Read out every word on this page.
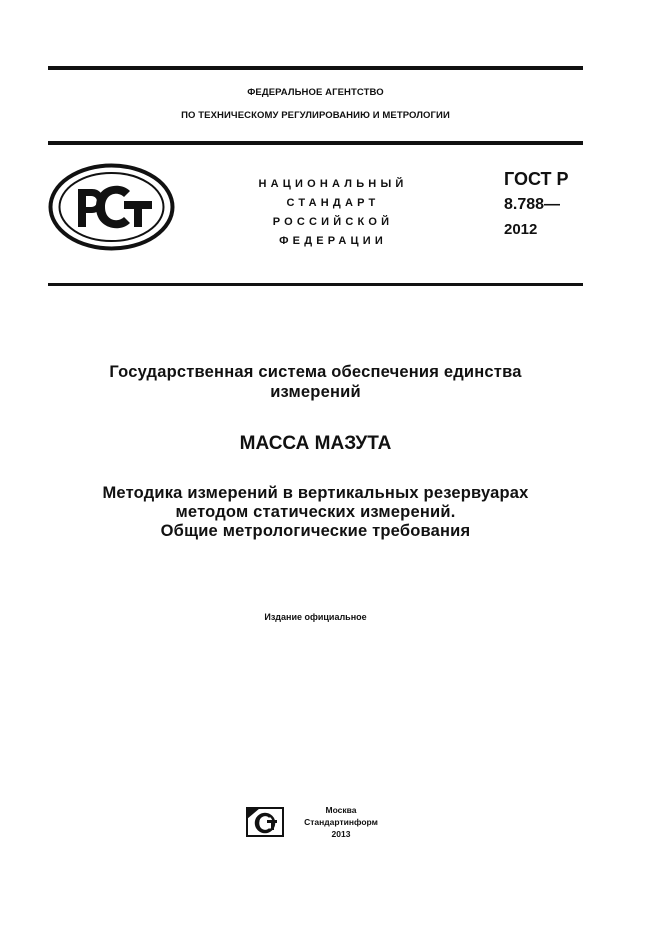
ФЕДЕРАЛЬНОЕ АГЕНТСТВО
ПО ТЕХНИЧЕСКОМУ РЕГУЛИРОВАНИЮ И МЕТРОЛОГИИ
НАЦИОНАЛЬНЫЙ
СТАНДАРТ
РОССИЙСКОЙ
ФЕДЕРАЦИИ
ГОСТ Р
8.788—
2012
Государственная система обеспечения единства
измерений
МАССА МАЗУТА
Методика измерений в вертикальных резервуарах
методом статических измерений.
Общие метрологические требования
Издание официальное
Москва
Стандартинформ
2013
